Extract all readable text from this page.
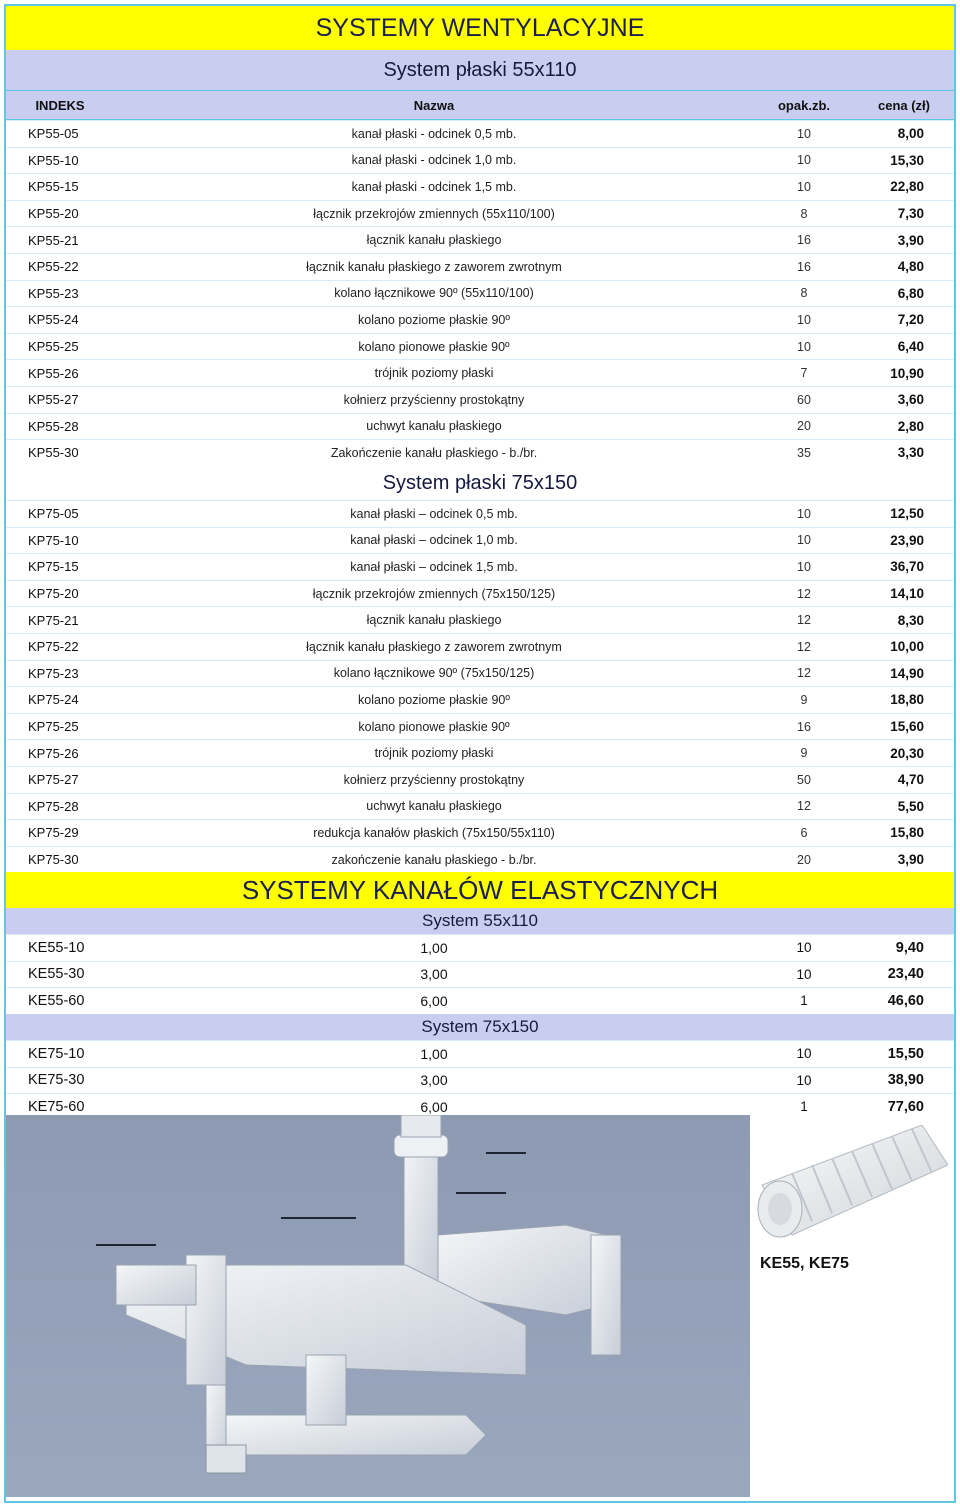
SYSTEMY WENTYLACYJNE
System płaski 55x110
INDEKS	Nazwa	opak.zb.	cena (zł)
KP55-05	kanał płaski - odcinek 0,5 mb.	10	8,00
KP55-10	kanał płaski - odcinek 1,0 mb.	10	15,30
KP55-15	kanał płaski - odcinek 1,5 mb.	10	22,80
KP55-20	łącznik przekrojów zmiennych (55x110/100)	8	7,30
KP55-21	łącznik kanału płaskiego	16	3,90
KP55-22	łącznik kanału płaskiego z zaworem zwrotnym	16	4,80
KP55-23	kolano łącznikowe 90º (55x110/100)	8	6,80
KP55-24	kolano poziome płaskie 90º	10	7,20
KP55-25	kolano pionowe płaskie 90º	10	6,40
KP55-26	trójnik poziomy płaski	7	10,90
KP55-27	kołnierz przyścienny prostokątny	60	3,60
KP55-28	uchwyt kanału płaskiego	20	2,80
KP55-30	Zakończenie kanału płaskiego - b./br.	35	3,30
System płaski 75x150
KP75-05	kanał płaski – odcinek 0,5 mb.	10	12,50
KP75-10	kanał płaski – odcinek 1,0 mb.	10	23,90
KP75-15	kanał płaski – odcinek 1,5 mb.	10	36,70
KP75-20	łącznik przekrojów zmiennych (75x150/125)	12	14,10
KP75-21	łącznik kanału płaskiego	12	8,30
KP75-22	łącznik kanału płaskiego z zaworem zwrotnym	12	10,00
KP75-23	kolano łącznikowe 90º (75x150/125)	12	14,90
KP75-24	kolano poziome płaskie 90º	9	18,80
KP75-25	kolano pionowe płaskie 90º	16	15,60
KP75-26	trójnik poziomy płaski	9	20,30
KP75-27	kołnierz przyścienny prostokątny	50	4,70
KP75-28	uchwyt kanału płaskiego	12	5,50
KP75-29	redukcja kanałów płaskich (75x150/55x110)	6	15,80
KP75-30	zakończenie kanału płaskiego - b./br.	20	3,90
SYSTEMY KANAŁÓW ELASTYCZNYCH
System 55x110
KE55-10	1,00	10	9,40
KE55-30	3,00	10	23,40
KE55-60	6,00	1	46,60
System 75x150
KE75-10	1,00	10	15,50
KE75-30	3,00	10	38,90
KE75-60	6,00	1	77,60
KE55, KE75
